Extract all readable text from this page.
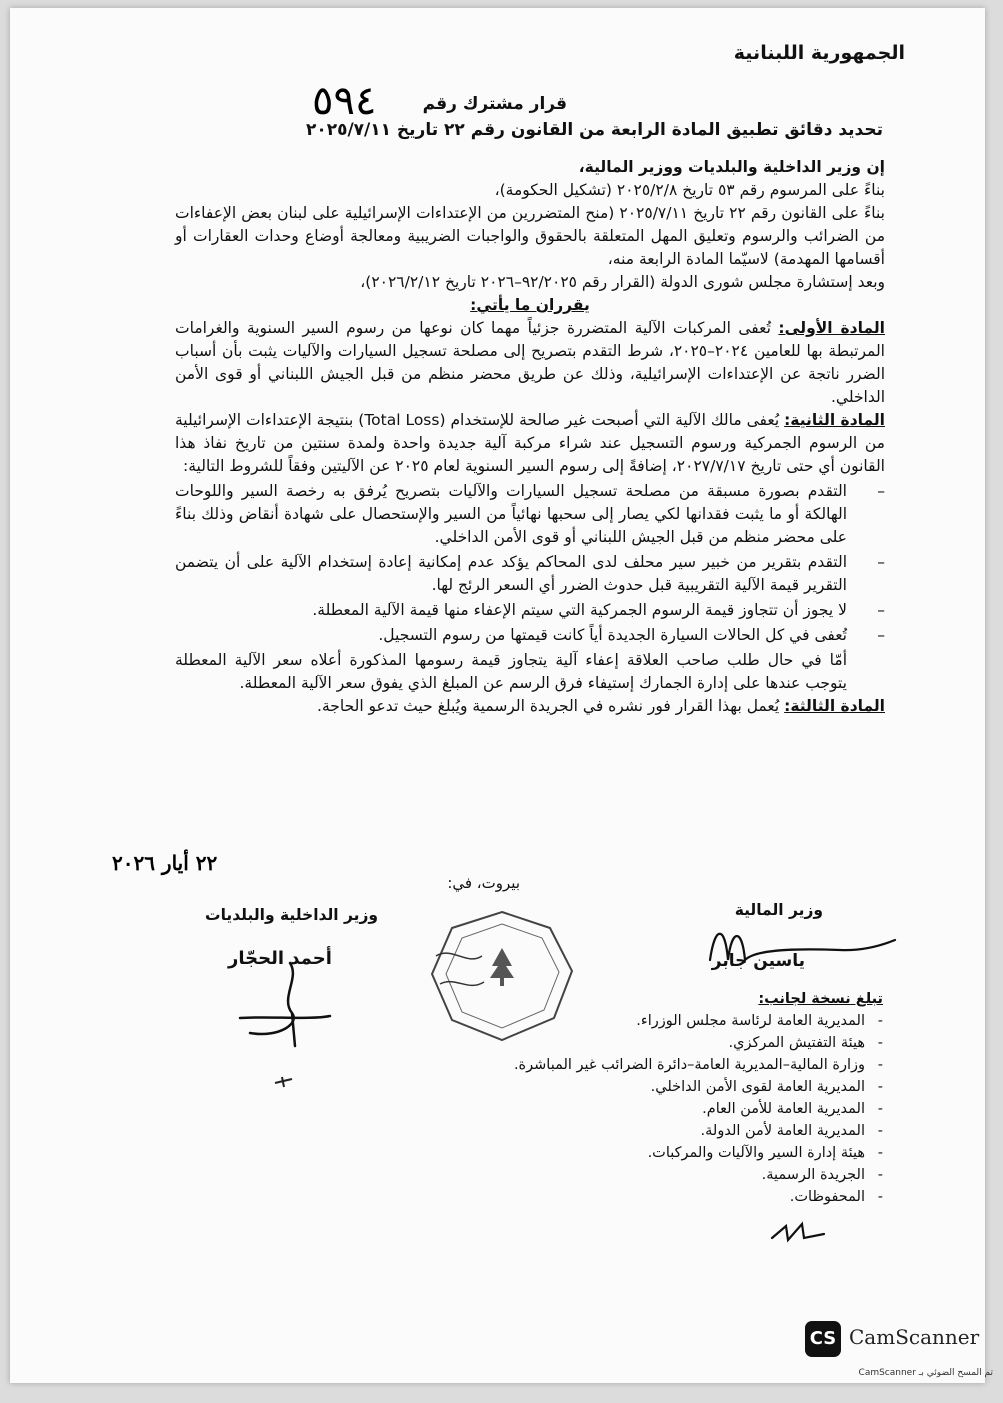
الجمهورية اللبنانية
قرار مشترك رقم
٥٩٤
تحديد دقائق تطبيق المادة الرابعة من القانون رقم ٢٢ تاريخ ٢٠٢٥/٧/١١

إن وزير الداخلية والبلديات ووزير المالية،

بناءً على المرسوم رقم ٥٣ تاريخ ٢٠٢٥/٢/٨ (تشكيل الحكومة)،

بناءً على القانون رقم ٢٢ تاريخ ٢٠٢٥/٧/١١ (منح المتضررين من الإعتداءات الإسرائيلية على لبنان بعض الإعفاءات من الضرائب والرسوم وتعليق المهل المتعلقة بالحقوق والواجبات الضريبية ومعالجة أوضاع وحدات العقارات أو أقسامها المهدمة) لاسيّما المادة الرابعة منه،

وبعد إستشارة مجلس شورى الدولة (القرار رقم ٩٢/٢٠٢٥–٢٠٢٦ تاريخ ٢٠٢٦/٢/١٢)،

يقرران ما يأتي:

المادة الأولى: تُعفى المركبات الآلية المتضررة جزئياً مهما كان نوعها من رسوم السير السنوية والغرامات المرتبطة بها للعامين ٢٠٢٤–٢٠٢٥، شرط التقدم بتصريح إلى مصلحة تسجيل السيارات والآليات يثبت بأن أسباب الضرر ناتجة عن الإعتداءات الإسرائيلية، وذلك عن طريق محضر منظم من قبل الجيش اللبناني أو قوى الأمن الداخلي.

المادة الثانية: يُعفى مالك الآلية التي أصبحت غير صالحة للإستخدام (Total Loss) بنتيجة الإعتداءات الإسرائيلية من الرسوم الجمركية ورسوم التسجيل عند شراء مركبة آلية جديدة واحدة ولمدة سنتين من تاريخ نفاذ هذا القانون أي حتى تاريخ ٢٠٢٧/٧/١٧، إضافةً إلى رسوم السير السنوية لعام ٢٠٢٥ عن الآليتين وفقاً للشروط التالية:

– التقدم بصورة مسبقة من مصلحة تسجيل السيارات والآليات بتصريح يُرفق به رخصة السير واللوحات الهالكة أو ما يثبت فقدانها لكي يصار إلى سحبها نهائياً من السير والإستحصال على شهادة أنقاض وذلك بناءً على محضر منظم من قبل الجيش اللبناني أو قوى الأمن الداخلي.
– التقدم بتقرير من خبير سير محلف لدى المحاكم يؤكد عدم إمكانية إعادة إستخدام الآلية على أن يتضمن التقرير قيمة الآلية التقريبية قبل حدوث الضرر أي السعر الرئج لها.
– لا يجوز أن تتجاوز قيمة الرسوم الجمركية التي سيتم الإعفاء منها قيمة الآلية المعطلة.
– تُعفى في كل الحالات السيارة الجديدة أياً كانت قيمتها من رسوم التسجيل.

أمّا في حال طلب صاحب العلاقة إعفاء آلية يتجاوز قيمة رسومها المذكورة أعلاه سعر الآلية المعطلة يتوجب عندها على إدارة الجمارك إستيفاء فرق الرسم عن المبلغ الذي يفوق سعر الآلية المعطلة.

المادة الثالثة: يُعمل بهذا القرار فور نشره في الجريدة الرسمية ويُبلغ حيث تدعو الحاجة.

٢٢ أيار ٢٠٢٦
بيروت، في:
وزير الداخلية والبلديات
أحمد الحجّار
وزير المالية
ياسين جابر
تبلغ نسخة لجانب:
- المديرية العامة لرئاسة مجلس الوزراء.
- هيئة التفتيش المركزي.
- وزارة المالية–المديرية العامة–دائرة الضرائب غير المباشرة.
- المديرية العامة لقوى الأمن الداخلي.
- المديرية العامة للأمن العام.
- المديرية العامة لأمن الدولة.
- هيئة إدارة السير والآليات والمركبات.
- الجريدة الرسمية.
- المحفوظات.
CS CamScanner
تم المسح الضوئي بـ CamScanner
